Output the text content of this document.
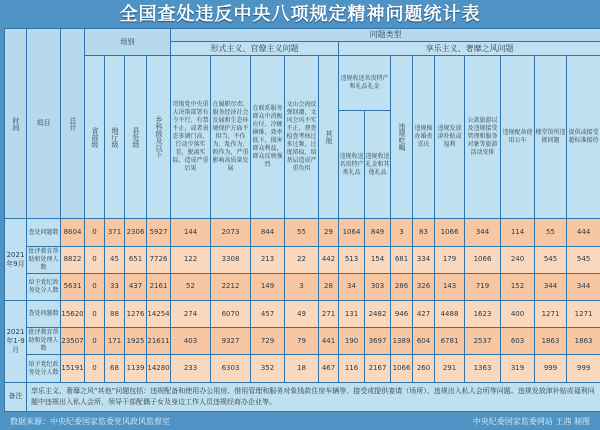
全国查处违反中央八项规定精神问题统计表
时间	项目	总计	级别				问题类型														
							形式主义、官僚主义问题					享乐主义、奢靡之风问题									

			省部级	地厅级	县处级	乡科级及以下	贯彻党中央重大决策部署有令不行、有禁不止，或者表态多调门高、行动少落实差，脱离实际，造成严重后果	在履职尽责、服务经济社会发展和生态环境保护方面不担当、不作为、乱作为、假作为，严重影响高质量发展	在联系服务群众中消极应付、冷硬横推、效率低下，损害群众利益，群众反映强烈	文山会海反弹回潮，文风会风不实不正，督查检查考核过多过频、过度留痕，给基层造成严重负担	其他	违规收送名贵特产和礼品礼金		违规吃喝	违规操办婚丧喜庆	违规发放津补贴或福利	公款旅游以及违规接受管理和服务对象等旅游活动安排	违规配备使用公车	楼堂馆所违规问题	提供或接受超标准接待	
												违规收送名贵特产类礼品	违规收送礼金和其他礼品								
2021年9月	查处问题数	8604	0	371	2306	5927	144	2073	844	55	29	1064	849	3	83	1066	344	114	55	444	
	批评教育帮助和处理人数	8822	0	45	651	7726	122	3308	213	22	442	513	154	681	334	179	1066	240	545	545	
	给予党纪政务处分人数	5631	0	33	437	2161	52	2212	149	3	28	34	303	286	326	143	719	152	344	344	
2021年1-9月	查处问题数	15620	0	88	1276	14254	274	6070	457	49	271	131	2482	946	427	4488	1623	400	1271	1271	
	批评教育帮助和处理人数	23507	0	171	1925	21611	403	9327	729	79	441	190	3697	1389	604	6781	2537	603	1863	1863	
	给予党纪政务处分人数	15191	0	68	1139	14280	233	6303	352	18	467	116	2167	1066	260	291	1363	319	999	999	
备注	享乐主义、奢靡之风“其他”问题包括：违规配备和使用办公用房、借用管理和服务对象钱款住房车辆等、接受或提供宴请（场所）、违规出入私人会所等问题。违规发放津补贴或福利问题中违规出入私人会所，领导干部配偶子女及身边工作人员违规经商办企业等。																				
数据来源：中央纪委国家监委党风政风监督室	中央纪委国家监委网站 王茜 制图
